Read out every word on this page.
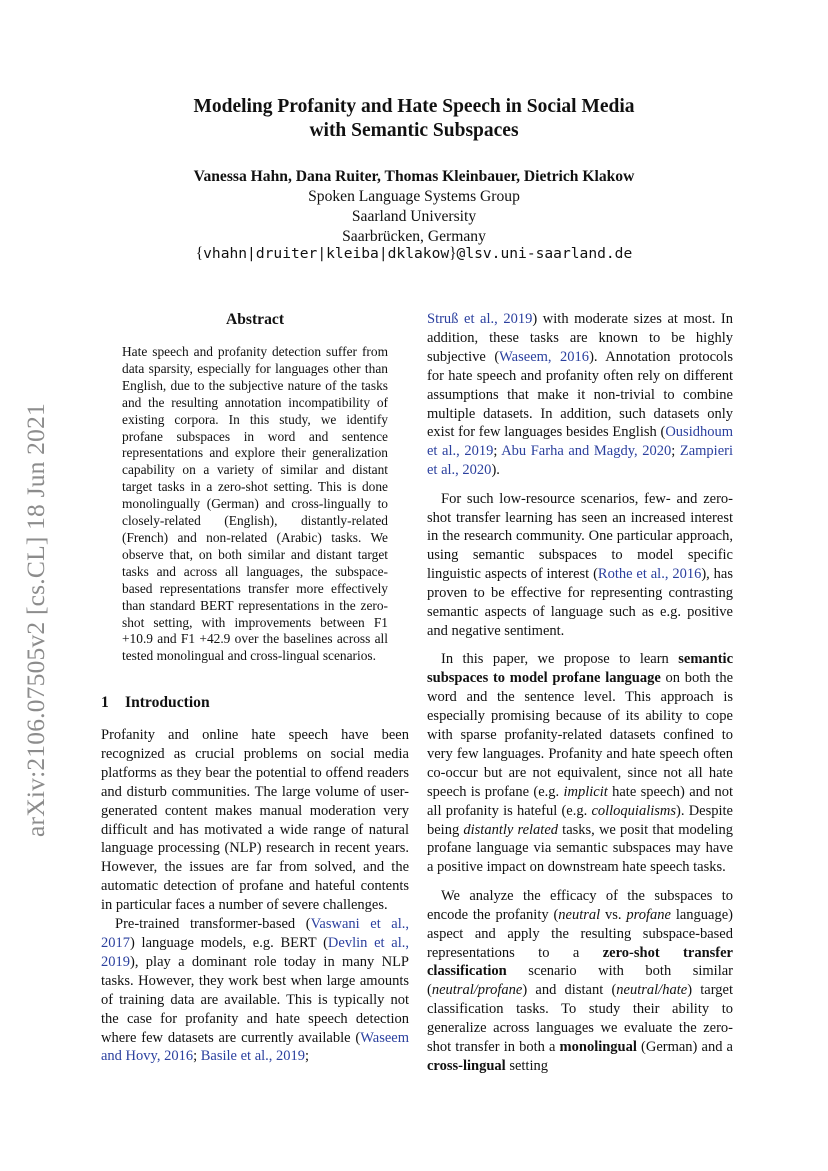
arXiv:2106.07505v2 [cs.CL] 18 Jun 2021
Modeling Profanity and Hate Speech in Social Media
with Semantic Subspaces
Vanessa Hahn, Dana Ruiter, Thomas Kleinbauer, Dietrich Klakow
Spoken Language Systems Group
Saarland University
Saarbrücken, Germany
{vhahn|druiter|kleiba|dklakow}@lsv.uni-saarland.de
Abstract
Hate speech and profanity detection suffer from data sparsity, especially for languages other than English, due to the subjective nature of the tasks and the resulting annotation incompatibility of existing corpora. In this study, we identify profane subspaces in word and sentence representations and explore their generalization capability on a variety of similar and distant target tasks in a zero-shot setting. This is done monolingually (German) and cross-lingually to closely-related (English), distantly-related (French) and non-related (Arabic) tasks. We observe that, on both similar and distant target tasks and across all languages, the subspace-based representations transfer more effectively than standard BERT representations in the zero-shot setting, with improvements between F1 +10.9 and F1 +42.9 over the baselines across all tested monolingual and cross-lingual scenarios.
1 Introduction

Profanity and online hate speech have been recognized as crucial problems on social media platforms as they bear the potential to offend readers and disturb communities. The large volume of user-generated content makes manual moderation very difficult and has motivated a wide range of natural language processing (NLP) research in recent years. However, the issues are far from solved, and the automatic detection of profane and hateful contents in particular faces a number of severe challenges.

Pre-trained transformer-based (Vaswani et al., 2017) language models, e.g. BERT (Devlin et al., 2019), play a dominant role today in many NLP tasks. However, they work best when large amounts of training data are available. This is typically not the case for profanity and hate speech detection where few datasets are currently available (Waseem and Hovy, 2016; Basile et al., 2019;

Struß et al., 2019) with moderate sizes at most. In addition, these tasks are known to be highly subjective (Waseem, 2016). Annotation protocols for hate speech and profanity often rely on different assumptions that make it non-trivial to combine multiple datasets. In addition, such datasets only exist for few languages besides English (Ousidhoum et al., 2019; Abu Farha and Magdy, 2020; Zampieri et al., 2020).

For such low-resource scenarios, few- and zero-shot transfer learning has seen an increased interest in the research community. One particular approach, using semantic subspaces to model specific linguistic aspects of interest (Rothe et al., 2016), has proven to be effective for representing contrasting semantic aspects of language such as e.g. positive and negative sentiment.

In this paper, we propose to learn semantic subspaces to model profane language on both the word and the sentence level. This approach is especially promising because of its ability to cope with sparse profanity-related datasets confined to very few languages. Profanity and hate speech often co-occur but are not equivalent, since not all hate speech is profane (e.g. implicit hate speech) and not all profanity is hateful (e.g. colloquialisms). Despite being distantly related tasks, we posit that modeling profane language via semantic subspaces may have a positive impact on downstream hate speech tasks.

We analyze the efficacy of the subspaces to encode the profanity (neutral vs. profane language) aspect and apply the resulting subspace-based representations to a zero-shot transfer classification scenario with both similar (neutral/profane) and distant (neutral/hate) target classification tasks. To study their ability to generalize across languages we evaluate the zero-shot transfer in both a monolingual (German) and a cross-lingual setting
